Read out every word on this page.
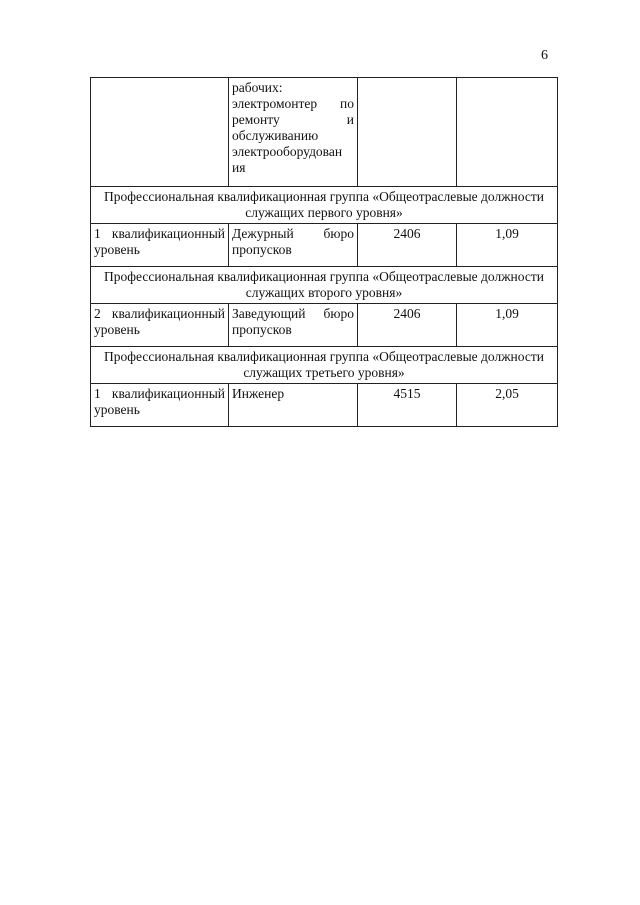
6

	рабочих:
электромонтер по ремонту и обслуживанию электрооборудован
ия		

Профессиональная квалификационная группа «Общеотраслевые должности служащих первого уровня»			
1 квалификационный уровень	Дежурный бюро пропусков	2406	1,09
Профессиональная квалификационная группа «Общеотраслевые должности служащих второго уровня»			
2 квалификационный уровень	Заведующий бюро пропусков	2406	1,09
Профессиональная квалификационная группа «Общеотраслевые должности служащих третьего уровня»			
1 квалификационный уровень	Инженер	4515	2,05
